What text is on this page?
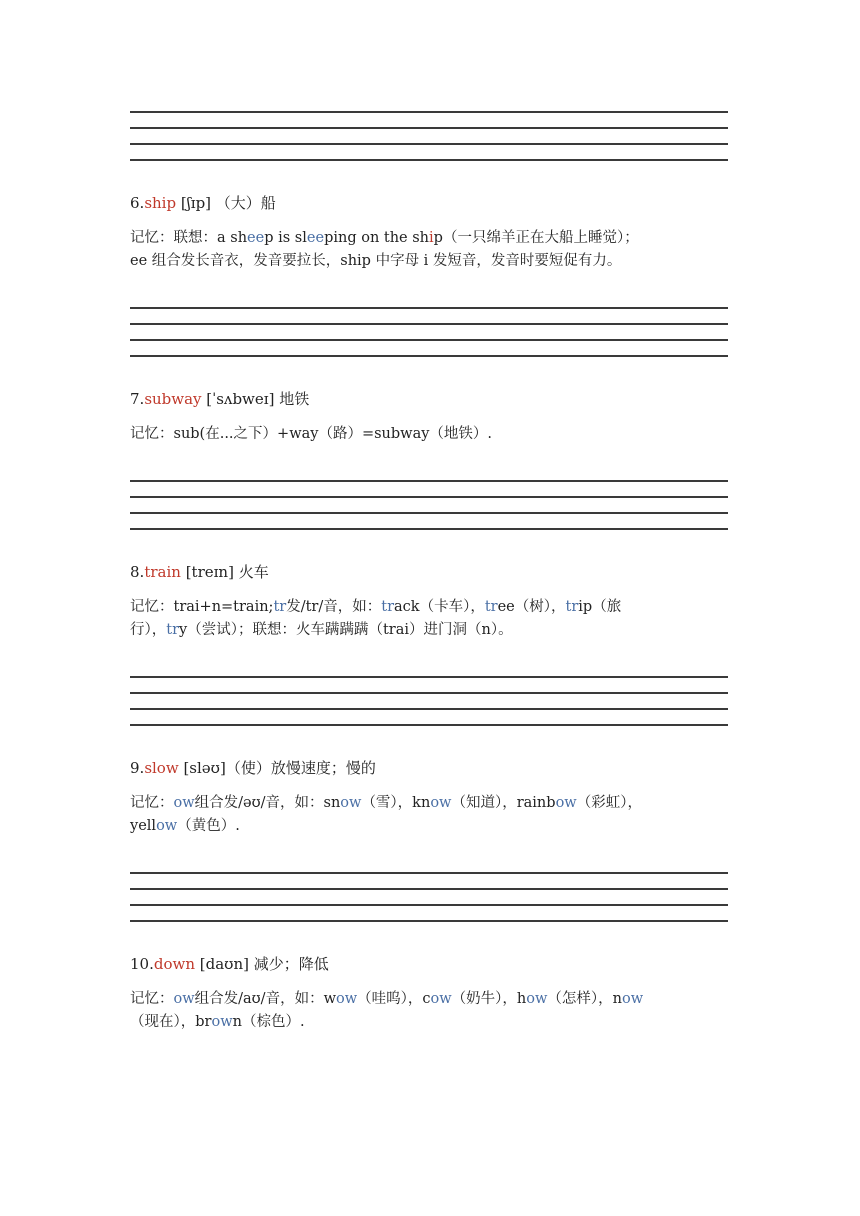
6.ship [ʃɪp] （大）船
记忆：联想：a sheep is sleeping on the ship（一只绵羊正在大船上睡觉）；
ee 组合发长音衣，发音要拉长，ship 中字母 i 发短音，发音时要短促有力。
7.subway [ˈsʌbweɪ] 地铁
记忆：sub(在...之下）+way（路）=subway（地铁）.
8.train [treɪn] 火车
记忆：trai+n=train;tr发/tr/音，如：track（卡车），tree（树），trip（旅
行），try（尝试）；联想：火车蹒蹒蹒（trai）进门洞（n）。
9.slow [sləʊ]（使）放慢速度；慢的
记忆：ow组合发/əʊ/音，如：snow（雪），know（知道），rainbow（彩虹），
yellow（黄色）.
10.down [daʊn] 减少；降低
记忆：ow组合发/aʊ/音，如：wow（哇呜），cow（奶牛），how（怎样），now
（现在），brown（棕色）.
